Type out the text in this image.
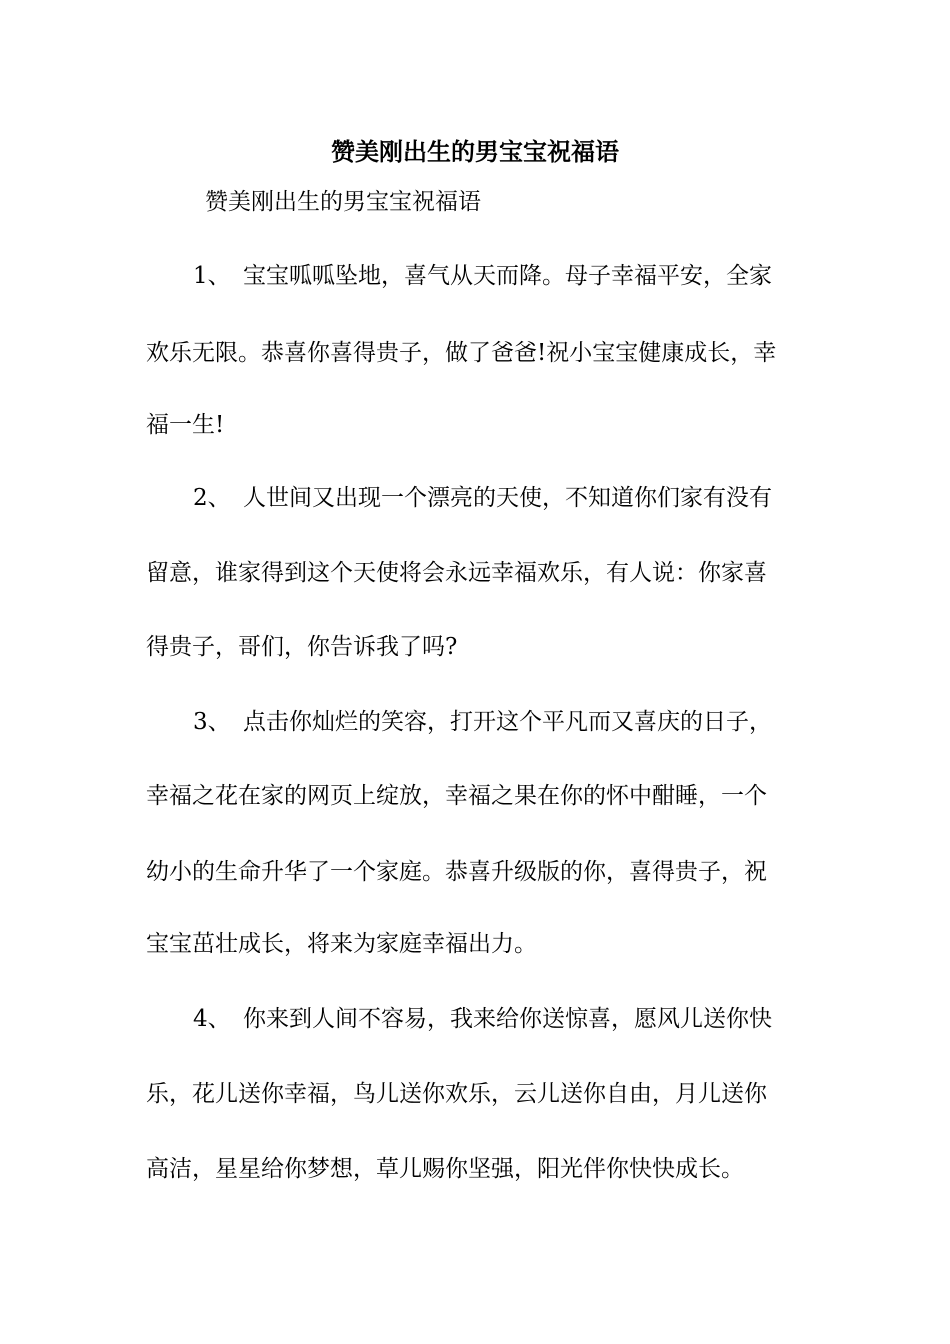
赞美刚出生的男宝宝祝福语

赞美刚出生的男宝宝祝福语

1、 宝宝呱呱坠地，喜气从天而降。母子幸福平安，全家

欢乐无限。恭喜你喜得贵子，做了爸爸!祝小宝宝健康成长，幸

福一生!

2、 人世间又出现一个漂亮的天使，不知道你们家有没有

留意，谁家得到这个天使将会永远幸福欢乐，有人说：你家喜

得贵子，哥们，你告诉我了吗?

3、 点击你灿烂的笑容，打开这个平凡而又喜庆的日子，

幸福之花在家的网页上绽放，幸福之果在你的怀中酣睡，一个

幼小的生命升华了一个家庭。恭喜升级版的你，喜得贵子，祝

宝宝茁壮成长，将来为家庭幸福出力。

4、 你来到人间不容易，我来给你送惊喜，愿风儿送你快

乐，花儿送你幸福，鸟儿送你欢乐，云儿送你自由，月儿送你

高洁，星星给你梦想，草儿赐你坚强，阳光伴你快快成长。
